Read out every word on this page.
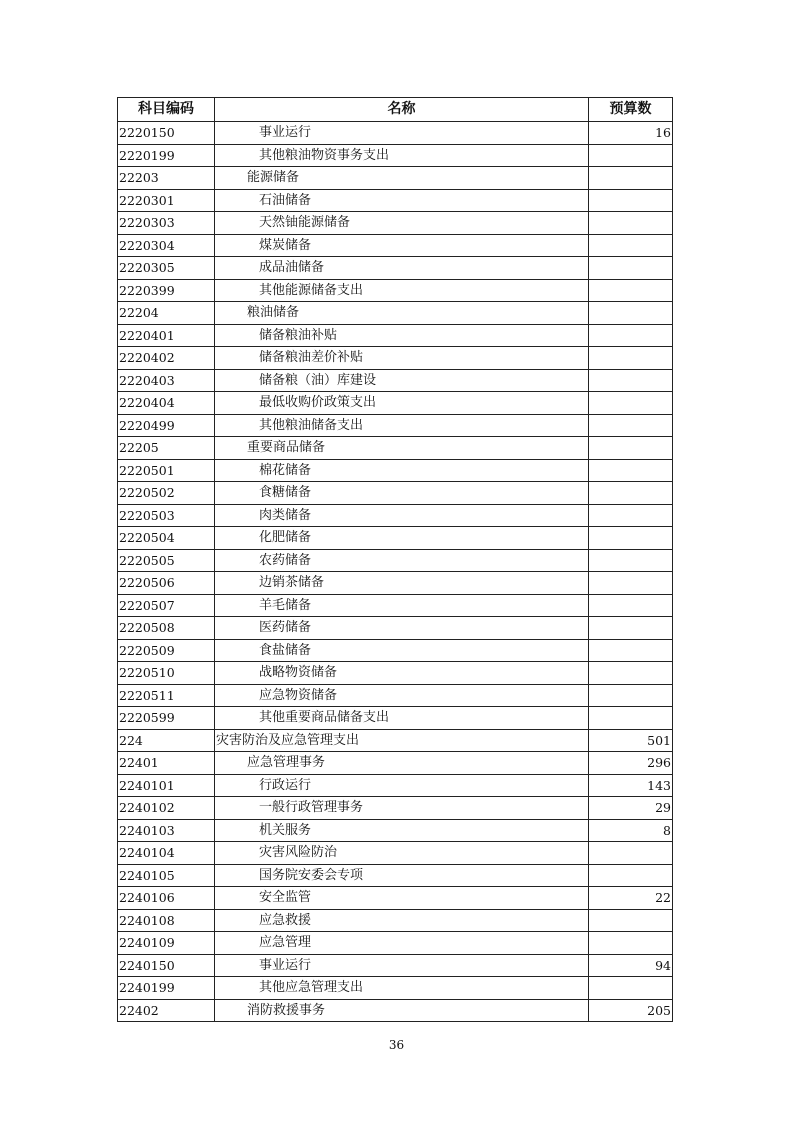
科目编码	名称	预算数
2220150	事业运行	16
2220199	其他粮油物资事务支出	
22203	能源储备	
2220301	石油储备	
2220303	天然铀能源储备	
2220304	煤炭储备	
2220305	成品油储备	
2220399	其他能源储备支出	
22204	粮油储备	
2220401	储备粮油补贴	
2220402	储备粮油差价补贴	
2220403	储备粮（油）库建设	
2220404	最低收购价政策支出	
2220499	其他粮油储备支出	
22205	重要商品储备	
2220501	棉花储备	
2220502	食糖储备	
2220503	肉类储备	
2220504	化肥储备	
2220505	农药储备	
2220506	边销茶储备	
2220507	羊毛储备	
2220508	医药储备	
2220509	食盐储备	
2220510	战略物资储备	
2220511	应急物资储备	
2220599	其他重要商品储备支出	
224	灾害防治及应急管理支出	501
22401	应急管理事务	296
2240101	行政运行	143
2240102	一般行政管理事务	29
2240103	机关服务	8
2240104	灾害风险防治	
2240105	国务院安委会专项	
2240106	安全监管	22
2240108	应急救援	
2240109	应急管理	
2240150	事业运行	94
2240199	其他应急管理支出	
22402	消防救援事务	205
36
